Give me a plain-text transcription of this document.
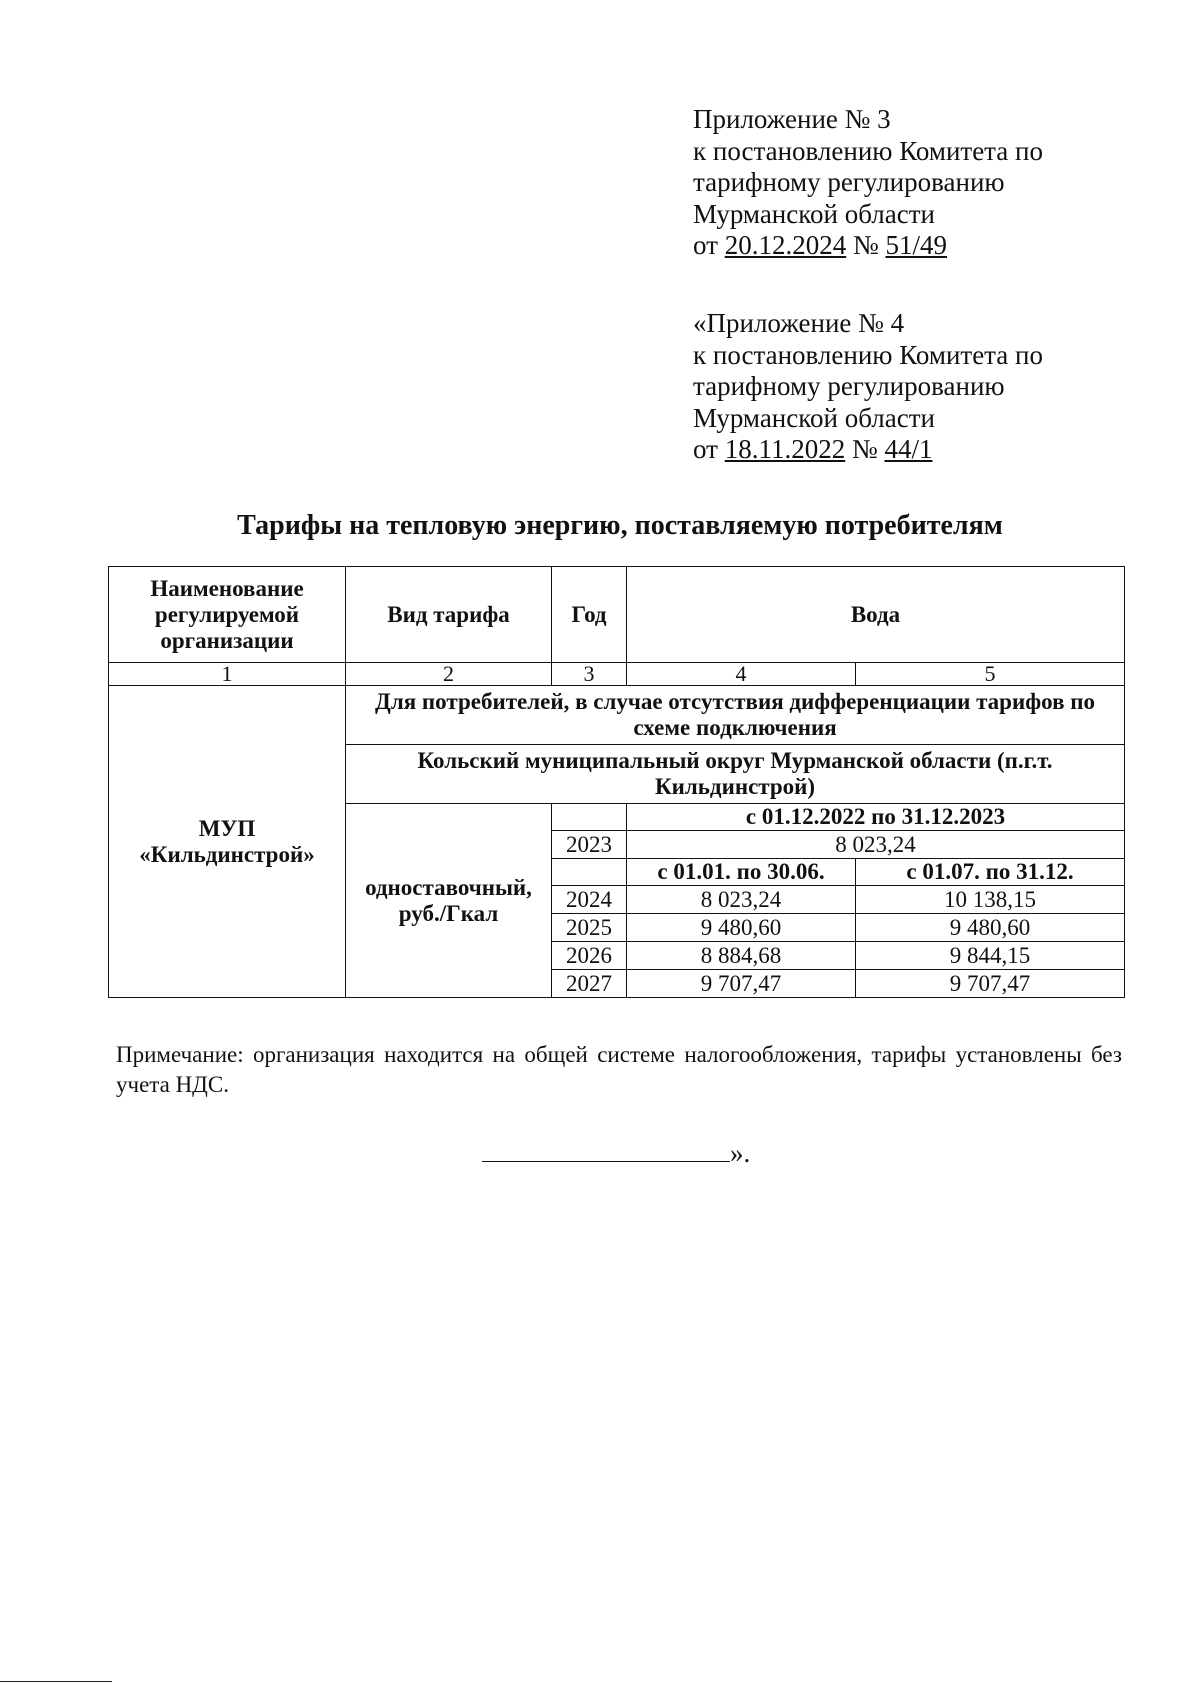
Приложение № 3
к постановлению Комитета по
тарифному регулированию
Мурманской области
от 20.12.2024 № 51/49
«Приложение № 4
к постановлению Комитета по
тарифному регулированию
Мурманской области
от 18.11.2022 № 44/1
Тарифы на тепловую энергию, поставляемую потребителям
Наименование регулируемой организации	Вид тарифа	Год	Вода	
1	2	3	4	5
МУП «Кильдинстрой»	Для потребителей, в случае отсутствия дифференциации тарифов по схеме подключения			
	Кольский муниципальный округ Мурманской области (п.г.т. Кильдинстрой)			
	одноставочный, руб./Гкал		с 01.12.2022 по 31.12.2023	
		2023	8 023,24	
			с 01.01. по 30.06.	с 01.07. по 31.12.
		2024	8 023,24	10 138,15
		2025	9 480,60	9 480,60
		2026	8 884,68	9 844,15
		2027	9 707,47	9 707,47
Примечание: организация находится на общей системе налогообложения, тарифы установлены без учета НДС.
».
